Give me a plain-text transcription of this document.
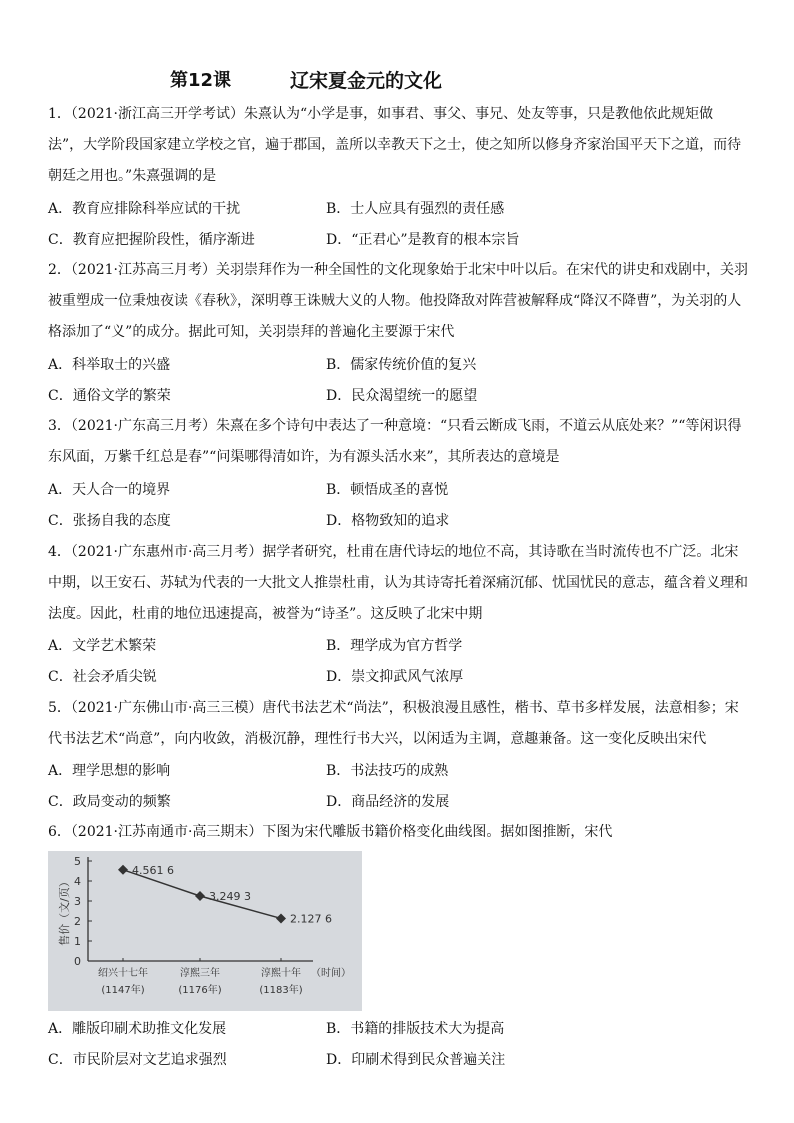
第12课	辽宋夏金元的文化
1．（2021·浙江高三开学考试）朱熹认为“小学是事，如事君、事父、事兄、处友等事，只是教他依此规矩做法”，大学阶段国家建立学校之官，遍于郡国，盖所以幸教天下之士，使之知所以修身齐家治国平天下之道，而待朝廷之用也。”朱熹强调的是
A．教育应排除科举应试的干扰	B．士人应具有强烈的责任感
C．教育应把握阶段性，循序渐进	D．“正君心”是教育的根本宗旨
2．（2021·江苏高三月考）关羽崇拜作为一种全国性的文化现象始于北宋中叶以后。在宋代的讲史和戏剧中，关羽被重塑成一位秉烛夜读《春秋》，深明尊王诛贼大义的人物。他投降敌对阵营被解释成“降汉不降曹”，为关羽的人格添加了“义”的成分。据此可知，关羽崇拜的普遍化主要源于宋代
A．科举取士的兴盛	B．儒家传统价值的复兴
C．通俗文学的繁荣	D．民众渴望统一的愿望
3．（2021·广东高三月考）朱熹在多个诗句中表达了一种意境：“只看云断成飞雨，不道云从底处来？”“等闲识得东风面，万紫千红总是春”“问渠哪得清如许，为有源头活水来”，其所表达的意境是
A．天人合一的境界	B．顿悟成圣的喜悦
C．张扬自我的态度	D．格物致知的追求
4．（2021·广东惠州市·高三月考）据学者研究，杜甫在唐代诗坛的地位不高，其诗歌在当时流传也不广泛。北宋中期，以王安石、苏轼为代表的一大批文人推崇杜甫，认为其诗寄托着深痛沉郁、忧国忧民的意志，蕴含着义理和法度。因此，杜甫的地位迅速提高，被誉为“诗圣”。这反映了北宋中期
A．文学艺术繁荣	B．理学成为官方哲学
C．社会矛盾尖锐	D．崇文抑武风气浓厚
5．（2021·广东佛山市·高三三模）唐代书法艺术“尚法”，积极浪漫且感性，楷书、草书多样发展，法意相参；宋代书法艺术“尚意”，向内收敛，消极沉静，理性行书大兴，以闲适为主调，意趣兼备。这一变化反映出宋代
A．理学思想的影响	B．书法技巧的成熟
C．政局变动的频繁	D．商品经济的发展
6．（2021·江苏南通市·高三期末）下图为宋代雕版书籍价格变化曲线图。据如图推断，宋代
0
1
2
3
4
5
售价（文/页）
4.561 6
绍兴十七年
(1147年)
3.249 3
淳熙三年
(1176年)
2.127 6
淳熙十年
(1183年)
（时间）
A．雕版印刷术助推文化发展	B．书籍的排版技术大为提高
C．市民阶层对文艺追求强烈	D．印刷术得到民众普遍关注
